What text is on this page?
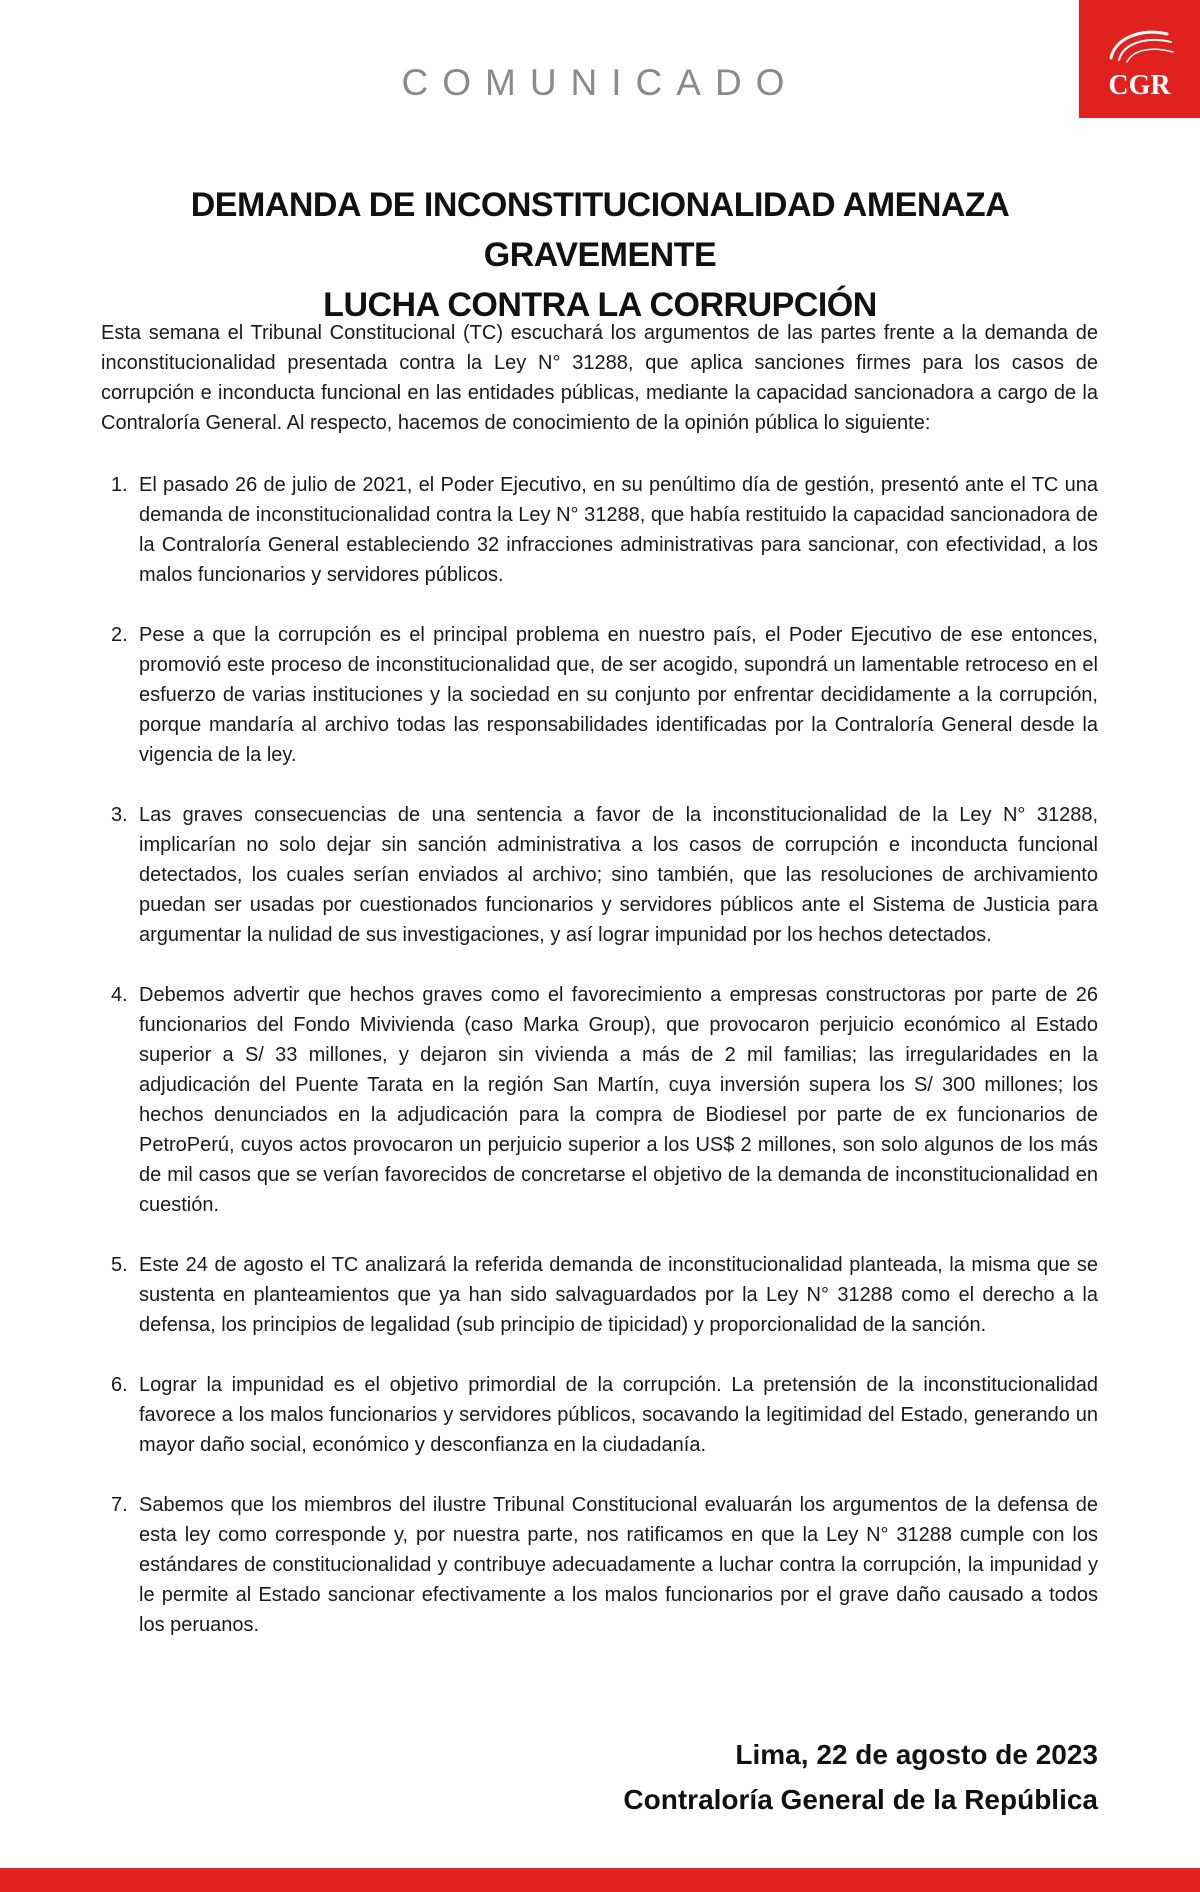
CGR
COMUNICADO
DEMANDA DE INCONSTITUCIONALIDAD AMENAZA GRAVEMENTE
LUCHA CONTRA LA CORRUPCIÓN

Esta semana el Tribunal Constitucional (TC) escuchará los argumentos de las partes frente a la demanda de inconstitucionalidad presentada contra la Ley N° 31288, que aplica sanciones firmes para los casos de corrupción e inconducta funcional en las entidades públicas, mediante la capacidad sancionadora a cargo de la Contraloría General. Al respecto, hacemos de conocimiento de la opinión pública lo siguiente:

1. El pasado 26 de julio de 2021, el Poder Ejecutivo, en su penúltimo día de gestión, presentó ante el TC una demanda de inconstitucionalidad contra la Ley N° 31288, que había restituido la capacidad sancionadora de la Contraloría General estableciendo 32 infracciones administrativas para sancionar, con efectividad, a los malos funcionarios y servidores públicos.
2. Pese a que la corrupción es el principal problema en nuestro país, el Poder Ejecutivo de ese entonces, promovió este proceso de inconstitucionalidad que, de ser acogido, supondrá un lamentable retroceso en el esfuerzo de varias instituciones y la sociedad en su conjunto por enfrentar decididamente a la corrupción, porque mandaría al archivo todas las responsabilidades identificadas por la Contraloría General desde la vigencia de la ley.
3. Las graves consecuencias de una sentencia a favor de la inconstitucionalidad de la Ley N° 31288, implicarían no solo dejar sin sanción administrativa a los casos de corrupción e inconducta funcional detectados, los cuales serían enviados al archivo; sino también, que las resoluciones de archivamiento puedan ser usadas por cuestionados funcionarios y servidores públicos ante el Sistema de Justicia para argumentar la nulidad de sus investigaciones, y así lograr impunidad por los hechos detectados.
4. Debemos advertir que hechos graves como el favorecimiento a empresas constructoras por parte de 26 funcionarios del Fondo Mivivienda (caso Marka Group), que provocaron perjuicio económico al Estado superior a S/ 33 millones, y dejaron sin vivienda a más de 2 mil familias; las irregularidades en la adjudicación del Puente Tarata en la región San Martín, cuya inversión supera los S/ 300 millones; los hechos denunciados en la adjudicación para la compra de Biodiesel por parte de ex funcionarios de PetroPerú, cuyos actos provocaron un perjuicio superior a los US$ 2 millones, son solo algunos de los más de mil casos que se verían favorecidos de concretarse el objetivo de la demanda de inconstitucionalidad en cuestión.
5. Este 24 de agosto el TC analizará la referida demanda de inconstitucionalidad planteada, la misma que se sustenta en planteamientos que ya han sido salvaguardados por la Ley N° 31288 como el derecho a la defensa, los principios de legalidad (sub principio de tipicidad) y proporcionalidad de la sanción.
6. Lograr la impunidad es el objetivo primordial de la corrupción. La pretensión de la inconstitucionalidad favorece a los malos funcionarios y servidores públicos, socavando la legitimidad del Estado, generando un mayor daño social, económico y desconfianza en la ciudadanía.
7. Sabemos que los miembros del ilustre Tribunal Constitucional evaluarán los argumentos de la defensa de esta ley como corresponde y, por nuestra parte, nos ratificamos en que la Ley N° 31288 cumple con los estándares de constitucionalidad y contribuye adecuadamente a luchar contra la corrupción, la impunidad y le permite al Estado sancionar efectivamente a los malos funcionarios por el grave daño causado a todos los peruanos.
Lima, 22 de agosto de 2023
Contraloría General de la República
